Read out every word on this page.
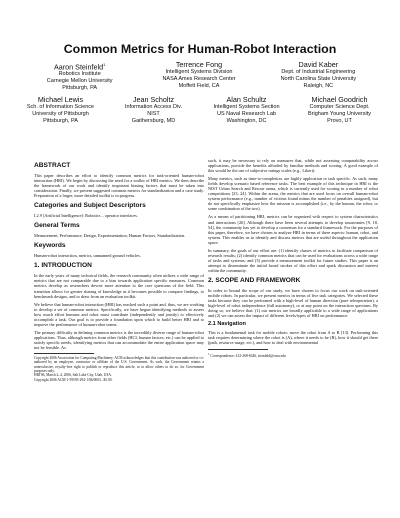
Common Metrics for Human-Robot Interaction
Aaron Steinfeld$^1$
Robotics Institute
Carnegie Mellon University
Pittsburgh, PA
Terrence Fong
Intelligent Systems Division
NASA Ames Research Center
Moffett Field, CA
David Kaber
Dept. of Industrial Engineering
North Carolina State University
Raleigh, NC
Michael Lewis
Sch. of Information Science
University of Pittsburgh
Pittsburgh, PA
Jean Scholtz
Information Access Div.
NIST
Gaithersburg, MD
Alan Schultz
Intelligent Systems Section
US Naval Research Lab
Washington, DC
Michael Goodrich
Computer Science Dept.
Brigham Young University
Provo, UT
ABSTRACT

This paper describes an effort to identify common metrics for task-oriented human-robot interaction (HRI). We begin by discussing the need for a toolkit of HRI metrics. We then describe the framework of our work and identify important biasing factors that must be taken into consideration. Finally, we present suggested common metrics for standardization and a case study. Preparation of a larger, more detailed toolkit is in progress.

Categories and Subject Descriptors

I.2.9 [Artificial Intelligence]: Robotics – operator interfaces.

General Terms

Measurement, Performance, Design, Experimentation, Human Factors, Standardization.

Keywords

Human-robot interaction, metrics, unmanned ground vehicles.

1. INTRODUCTION

In the early years of many technical fields, the research community often utilizes a wide range of metrics that are not comparable due to a bias towards application specific measures. Common metrics develop as researchers devote more attention to the core questions of the field. This transition allows for greater sharing of knowledge as it becomes possible to compare findings, to benchmark designs, and to draw from an evaluation toolkit.

We believe that human-robot interaction (HRI) has reached such a point and, thus, we are working to develop a set of common metrics. Specifically, we have begun identifying methods to assess how much effort humans and robot must contribute (independently and jointly) to effectively accomplish a task. Our goal is to provide a foundation upon which to build better HRI and to improve the performance of human-robot teams.

The primary difficulty in defining common metrics is the incredibly diverse range of human-robot applications. Thus, although metrics from other fields (HCI, human factors, etc.) can be applied to satisfy specific needs, identifying metrics that can accommodate the entire application space may not be feasible. As

Copyright 2006 Association for Computing Machinery. ACM acknowledges that this contribution was authored or co-authored by an employee, contractor or affiliate of the U.S. Government. As such, the Government retains a nonexclusive, royalty-free right to publish or reproduce this article, or to allow others to do so, for Government purposes only.
HRI'06, March 2–4, 2006, Salt Lake City, Utah, USA.
Copyright 2006 ACM 1-59593-294-1/06/0003...$5.00.

such, it may be necessary to rely on measures that, while not assessing comparability across applications, provide the benefits afforded by familiar methods and scoring. A good example of this would be the use of subjective ratings scales (e.g., Likert).

Many metrics, such as time-to-completion, are highly application or task specific. As such, many fields develop scenario based reference tasks. The best example of this technique in HRI is the NIST Urban Search and Rescue arena, which is currently used for scoring in a number of robot competitions [23, 24]. Within the arena, the metrics that are used focus on overall human-robot system performance (e.g., number of victims found minus the number of penalties assigned), but do not specifically emphasize how the mission is accomplished (i.e., by the human, the robot, or some combination of the two).

As a means of partitioning HRI, metrics can be organized with respect to system characteristics and interactions [26]. Although there have been several attempts to develop taxonomies [9, 18, 54], the community has yet to develop a consensus for a standard framework. For the purposes of this paper, therefore, we have chosen to analyze HRI in terms of three aspects: human, robot, and system. This enables us to identify and discuss metrics that are useful throughout the application space.

In summary, the goals of our effort are: (1) identify classes of metrics to facilitate comparison of research results; (2) identify common metrics that can be used for evaluations across a wide range of tasks and systems; and (3) provide a measurement toolkit for future studies. This paper is an attempt to disseminate the initial broad strokes of this effort and spark discussion and interest within the community.

2. SCOPE AND FRAMEWORK

In order to bound the scope of our study, we have chosen to focus our work on task-oriented mobile robots. In particular, we present metrics in terms of five task categories. We selected these tasks because they can be performed with a high-level of human direction (pure teleoperation), a high-level of robot independence (full autonomy), or at any point on the interaction spectrum. By doing so, we believe that: (1) our metrics are broadly applicable to a wide range of applications and (2) we can assess the impact of different levels/types of HRI on performance.

2.1 Navigation

This is a fundamental task for mobile robots: move the robot from A to B [13]. Performing this task requires determining where the robot is (A), where it needs to be (B), how it should get there (path, resource usage, etc.), and how to deal with environmental

$^1$ Correspondence: 412-268-6346, steinfeld@cmu.edu
